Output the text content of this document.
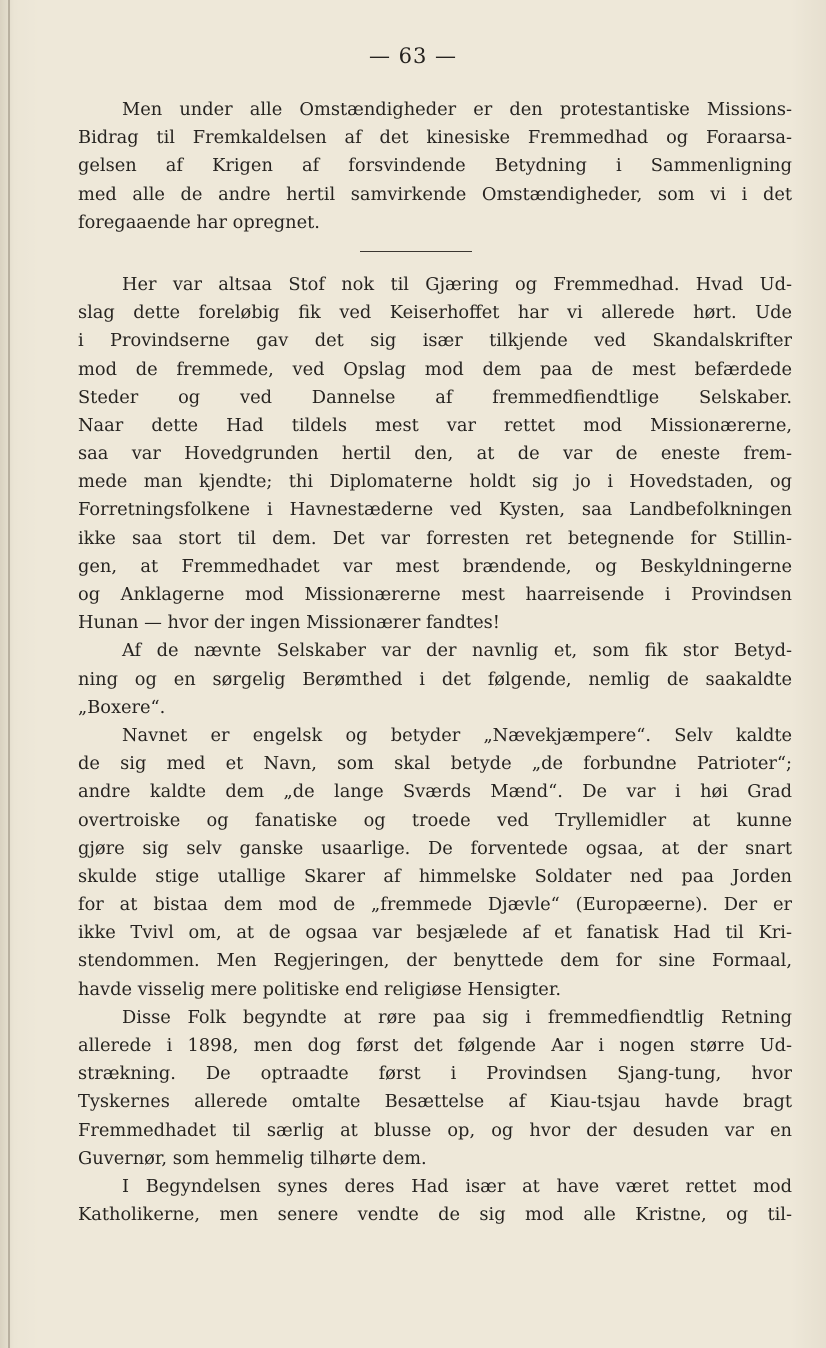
— 63 —
Men under alle Omstændigheder er den protestantiske Missions-
Bidrag til Fremkaldelsen af det kinesiske Fremmedhad og Foraarsa-
gelsen af Krigen af forsvindende Betydning i Sammenligning
med alle de andre hertil samvirkende Omstændigheder, som vi i det
foregaaende har opregnet.
Her var altsaa Stof nok til Gjæring og Fremmedhad. Hvad Ud-
slag dette foreløbig fik ved Keiserhoffet har vi allerede hørt. Ude
i Provindserne gav det sig især tilkjende ved Skandalskrifter
mod de fremmede, ved Opslag mod dem paa de mest befærdede
Steder og ved Dannelse af fremmedfiendtlige Selskaber.
Naar dette Had tildels mest var rettet mod Missionærerne,
saa var Hovedgrunden hertil den, at de var de eneste frem-
mede man kjendte; thi Diplomaterne holdt sig jo i Hovedstaden, og
Forretningsfolkene i Havnestæderne ved Kysten, saa Landbefolkningen
ikke saa stort til dem. Det var forresten ret betegnende for Stillin-
gen, at Fremmedhadet var mest brændende, og Beskyldningerne
og Anklagerne mod Missionærerne mest haarreisende i Provindsen
Hunan — hvor der ingen Missionærer fandtes!
Af de nævnte Selskaber var der navnlig et, som fik stor Betyd-
ning og en sørgelig Berømthed i det følgende, nemlig de saakaldte
„Boxere“.
Navnet er engelsk og betyder „Nævekjæmpere“. Selv kaldte
de sig med et Navn, som skal betyde „de forbundne Patrioter“;
andre kaldte dem „de lange Sværds Mænd“. De var i høi Grad
overtroiske og fanatiske og troede ved Tryllemidler at kunne
gjøre sig selv ganske usaarlige. De forventede ogsaa, at der snart
skulde stige utallige Skarer af himmelske Soldater ned paa Jorden
for at bistaa dem mod de „fremmede Djævle“ (Europæerne). Der er
ikke Tvivl om, at de ogsaa var besjælede af et fanatisk Had til Kri-
stendommen. Men Regjeringen, der benyttede dem for sine Formaal,
havde visselig mere politiske end religiøse Hensigter.
Disse Folk begyndte at røre paa sig i fremmedfiendtlig Retning
allerede i 1898, men dog først det følgende Aar i nogen større Ud-
strækning. De optraadte først i Provindsen Sjang-tung, hvor
Tyskernes allerede omtalte Besættelse af Kiau-tsjau havde bragt
Fremmedhadet til særlig at blusse op, og hvor der desuden var en
Guvernør, som hemmelig tilhørte dem.
I Begyndelsen synes deres Had især at have været rettet mod
Katholikerne, men senere vendte de sig mod alle Kristne, og til-
